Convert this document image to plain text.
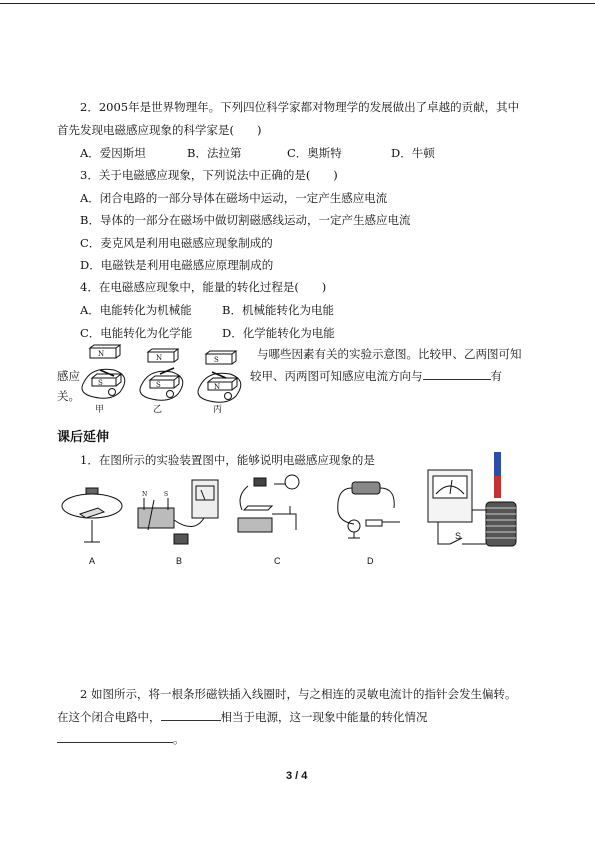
2．2005年是世界物理年。下列四位科学家都对物理学的发展做出了卓越的贡献，其中
首先发现电磁感应现象的科学家是(　　)
A．爱因斯坦	B．法拉第	C．奥斯特	D．牛顿
3．关于电磁感应现象，下列说法中正确的是(　　)
A．闭合电路的一部分导体在磁场中运动，一定产生感应电流
B．导体的一部分在磁场中做切割磁感线运动，一定产生感应电流
C．麦克风是利用电磁感应现象制成的
D．电磁铁是利用电磁感应原理制成的
4．在电磁感应现象中，能量的转化过程是(　　)
A．电能转化为机械能	B．机械能转化为电能
C．电能转化为化学能	D．化学能转化为电能
与哪些因素有关的实验示意图。比较甲、乙两图可知
感应	较甲、丙两图可知感应电流方向与	有
关。
N
S
N
S
S
N
甲	乙	丙
课后延伸
1．在图所示的实验装置图中，能够说明电磁感应现象的是
A
N	S
B	C	D
S
2 如图所示，将一根条形磁铁插入线圈时，与之相连的灵敏电流计的指针会发生偏转。
在这个闭合电路中，	相当于电源，这一现象中能量的转化情况
。
3 / 4
